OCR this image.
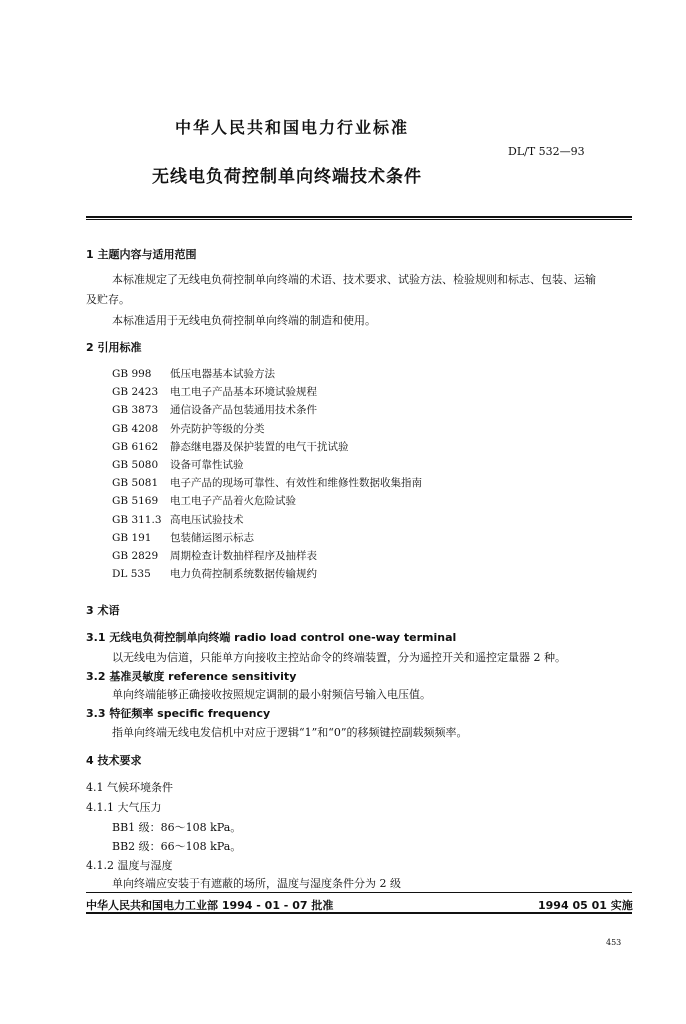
中华人民共和国电力行业标准
DL/T 532—93
无线电负荷控制单向终端技术条件
1 主题内容与适用范围
本标准规定了无线电负荷控制单向终端的术语、技术要求、试验方法、检验规则和标志、包装、运输
及贮存。
本标准适用于无线电负荷控制单向终端的制造和使用。
2 引用标准
GB 998 低压电器基本试验方法
GB 2423 电工电子产品基本环境试验规程
GB 3873 通信设备产品包装通用技术条件
GB 4208 外壳防护等级的分类
GB 6162 静态继电器及保护装置的电气干扰试验
GB 5080 设备可靠性试验
GB 5081 电子产品的现场可靠性、有效性和维修性数据收集指南
GB 5169 电工电子产品着火危险试验
GB 311.3 高电压试验技术
GB 191 包装储运图示标志
GB 2829 周期检查计数抽样程序及抽样表
DL 535 电力负荷控制系统数据传输规约
3 术语
3.1 无线电负荷控制单向终端 radio load control one-way terminal
以无线电为信道，只能单方向接收主控站命令的终端装置，分为遥控开关和遥控定量器 2 种。
3.2 基准灵敏度 reference sensitivity
单向终端能够正确接收按照规定调制的最小射频信号输入电压值。
3.3 特征频率 specific frequency
指单向终端无线电发信机中对应于逻辑“1”和“0”的移频键控副载频频率。
4 技术要求
4.1 气候环境条件
4.1.1 大气压力
BB1 级：86～108 kPa。
BB2 级：66～108 kPa。
4.1.2 温度与湿度
单向终端应安装于有遮蔽的场所，温度与湿度条件分为 2 级
中华人民共和国电力工业部 1994 - 01 - 07 批准	1994 05 01 实施
453
